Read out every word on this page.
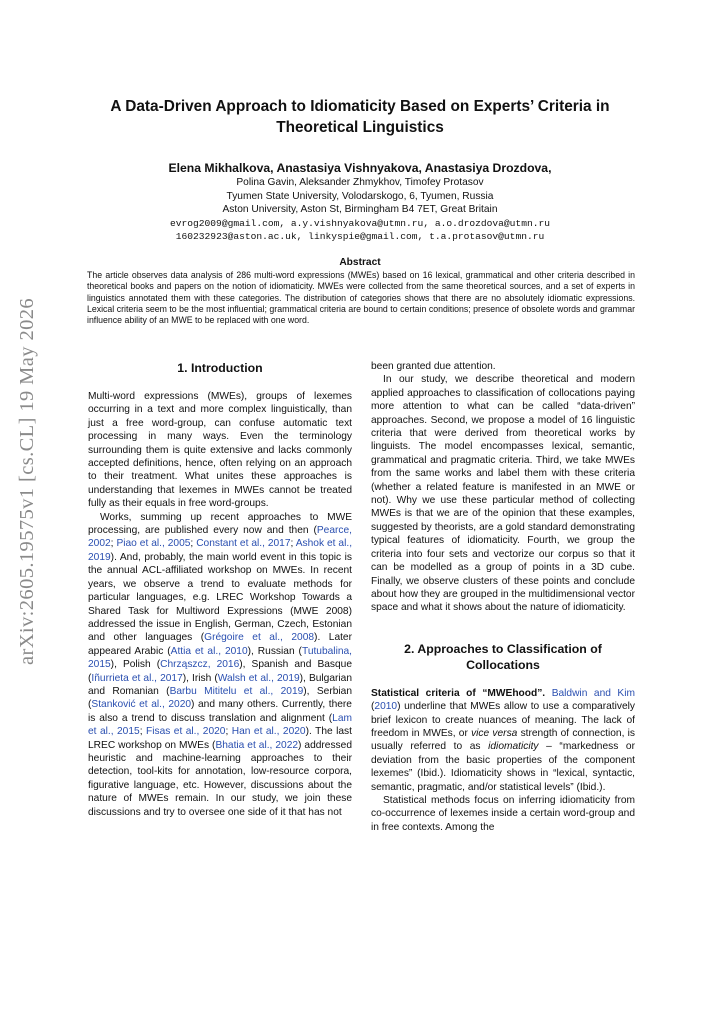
arXiv:2605.19575v1 [cs.CL] 19 May 2026
A Data-Driven Approach to Idiomaticity Based on Experts’ Criteria in Theoretical Linguistics

Elena Mikhalkova, Anastasiya Vishnyakova, Anastasiya Drozdova,

Polina Gavin, Aleksander Zhmykhov, Timofey Protasov

Tyumen State University, Volodarskogo, 6, Tyumen, Russia

Aston University, Aston St, Birmingham B4 7ET, Great Britain

evrog2009@gmail.com, a.y.vishnyakova@utmn.ru, a.o.drozdova@utmn.ru

160232923@aston.ac.uk, linkyspie@gmail.com, t.a.protasov@utmn.ru

Abstract

The article observes data analysis of 286 multi-word expressions (MWEs) based on 16 lexical, grammatical and other criteria described in theoretical books and papers on the notion of idiomaticity. MWEs were collected from the same theoretical sources, and a set of experts in linguistics annotated them with these categories. The distribution of categories shows that there are no absolutely idiomatic expressions. Lexical criteria seem to be the most influential; grammatical criteria are bound to certain conditions; presence of obsolete words and grammar influence ability of an MWE to be replaced with one word.

1. Introduction

Multi-word expressions (MWEs), groups of lexemes occurring in a text and more complex linguistically, than just a free word-group, can confuse automatic text processing in many ways. Even the terminology surrounding them is quite extensive and lacks commonly accepted definitions, hence, often relying on an approach to their treatment. What unites these approaches is understanding that lexemes in MWEs cannot be treated fully as their equals in free word-groups.

Works, summing up recent approaches to MWE processing, are published every now and then (Pearce, 2002; Piao et al., 2005; Constant et al., 2017; Ashok et al., 2019). And, probably, the main world event in this topic is the annual ACL-affiliated workshop on MWEs. In recent years, we observe a trend to evaluate methods for particular languages, e.g. LREC Workshop Towards a Shared Task for Multiword Expressions (MWE 2008) addressed the issue in English, German, Czech, Estonian and other languages (Grégoire et al., 2008). Later appeared Arabic (Attia et al., 2010), Russian (Tutubalina, 2015), Polish (Chrząszcz, 2016), Spanish and Basque (Iñurrieta et al., 2017), Irish (Walsh et al., 2019), Bulgarian and Romanian (Barbu Mititelu et al., 2019), Serbian (Stanković et al., 2020) and many others. Currently, there is also a trend to discuss translation and alignment (Lam et al., 2015; Fisas et al., 2020; Han et al., 2020). The last LREC workshop on MWEs (Bhatia et al., 2022) addressed heuristic and machine-learning approaches to their detection, tool-kits for annotation, low-resource corpora, figurative language, etc. However, discussions about the nature of MWEs remain. In our study, we join these discussions and try to oversee one side of it that has not

been granted due attention.

In our study, we describe theoretical and modern applied approaches to classification of collocations paying more attention to what can be called “data-driven” approaches. Second, we propose a model of 16 linguistic criteria that were derived from theoretical works by linguists. The model encompasses lexical, semantic, grammatical and pragmatic criteria. Third, we take MWEs from the same works and label them with these criteria (whether a related feature is manifested in an MWE or not). Why we use these particular method of collecting MWEs is that we are of the opinion that these examples, suggested by theorists, are a gold standard demonstrating typical features of idiomaticity. Fourth, we group the criteria into four sets and vectorize our corpus so that it can be modelled as a group of points in a 3D cube. Finally, we observe clusters of these points and conclude about how they are grouped in the multidimensional vector space and what it shows about the nature of idiomaticity.

2. Approaches to Classification of Collocations

Statistical criteria of “MWEhood”. Baldwin and Kim (2010) underline that MWEs allow to use a comparatively brief lexicon to create nuances of meaning. The lack of freedom in MWEs, or vice versa strength of connection, is usually referred to as idiomaticity – “markedness or deviation from the basic properties of the component lexemes” (Ibid.). Idiomaticity shows in “lexical, syntactic, semantic, pragmatic, and/or statistical levels” (Ibid.).

Statistical methods focus on inferring idiomaticity from co-occurrence of lexemes inside a certain word-group and in free contexts. Among the
